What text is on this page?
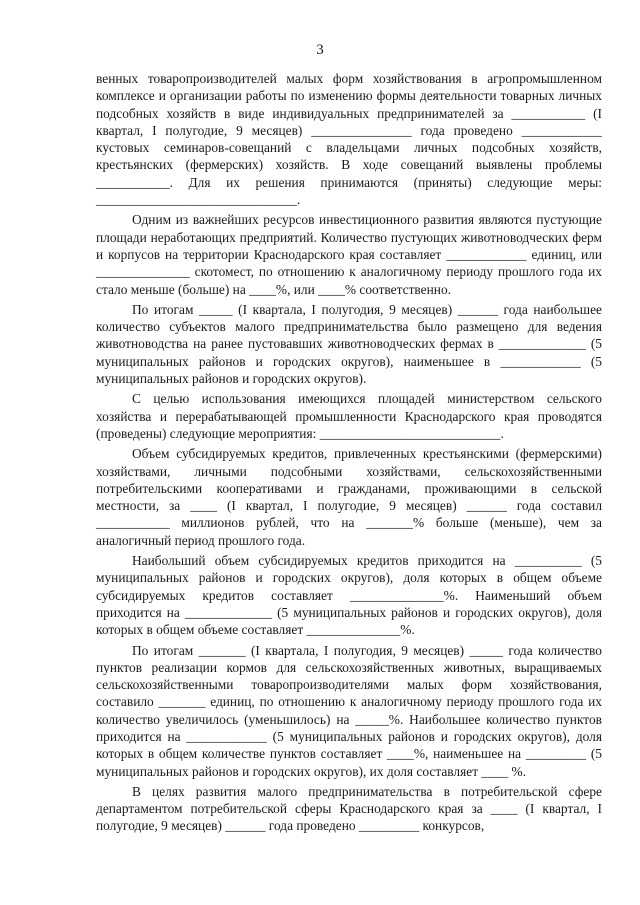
3

венных товаропроизводителей малых форм хозяйствования в агропромышленном комплексе и организации работы по изменению формы деятельности товарных личных подсобных хозяйств в виде индивидуальных предпринимателей за ___________ (I квартал, I полугодие, 9 месяцев) _______________ года проведено ____________ кустовых семинаров-совещаний с владельцами личных подсобных хозяйств, крестьянских (фермерских) хозяйств. В ходе совещаний выявлены проблемы ___________. Для их решения принимаются (приняты) следующие меры: ______________________________.

Одним из важнейших ресурсов инвестиционного развития являются пустующие площади неработающих предприятий. Количество пустующих животноводческих ферм и корпусов на территории Краснодарского края составляет ____________ единиц, или ______________ скотомест, по отношению к аналогичному периоду прошлого года их стало меньше (больше) на ____%, или ____% соответственно.

По итогам _____ (I квартала, I полугодия, 9 месяцев) ______ года наибольшее количество субъектов малого предпринимательства было размещено для ведения животноводства на ранее пустовавших животноводческих фермах в _____________ (5 муниципальных районов и городских округов), наименьшее в ____________ (5 муниципальных районов и городских округов).

С целью использования имеющихся площадей министерством сельского хозяйства и перерабатывающей промышленности Краснодарского края проводятся (проведены) следующие мероприятия: ___________________________.

Объем субсидируемых кредитов, привлеченных крестьянскими (фермерскими) хозяйствами, личными подсобными хозяйствами, сельскохозяйственными потребительскими кооперативами и гражданами, проживающими в сельской местности, за ____ (I квартал, I полугодие, 9 месяцев) ______ года составил ___________ миллионов рублей, что на _______% больше (меньше), чем за аналогичный период прошлого года.

Наибольший объем субсидируемых кредитов приходится на __________ (5 муниципальных районов и городских округов), доля которых в общем объеме субсидируемых кредитов составляет ______________%. Наименьший объем приходится на _____________ (5 муниципальных районов и городских округов), доля которых в общем объеме составляет ______________%.

По итогам _______ (I квартала, I полугодия, 9 месяцев) _____ года количество пунктов реализации кормов для сельскохозяйственных животных, выращиваемых сельскохозяйственными товаропроизводителями малых форм хозяйствования, составило _______ единиц, по отношению к аналогичному периоду прошлого года их количество увеличилось (уменьшилось) на _____%. Наибольшее количество пунктов приходится на ____________ (5 муниципальных районов и городских округов), доля которых в общем количестве пунктов составляет ____%, наименьшее на _________ (5 муниципальных районов и городских округов), их доля составляет ____ %.

В целях развития малого предпринимательства в потребительской сфере департаментом потребительской сферы Краснодарского края за ____ (I квартал, I полугодие, 9 месяцев) ______ года проведено _________ конкурсов,
